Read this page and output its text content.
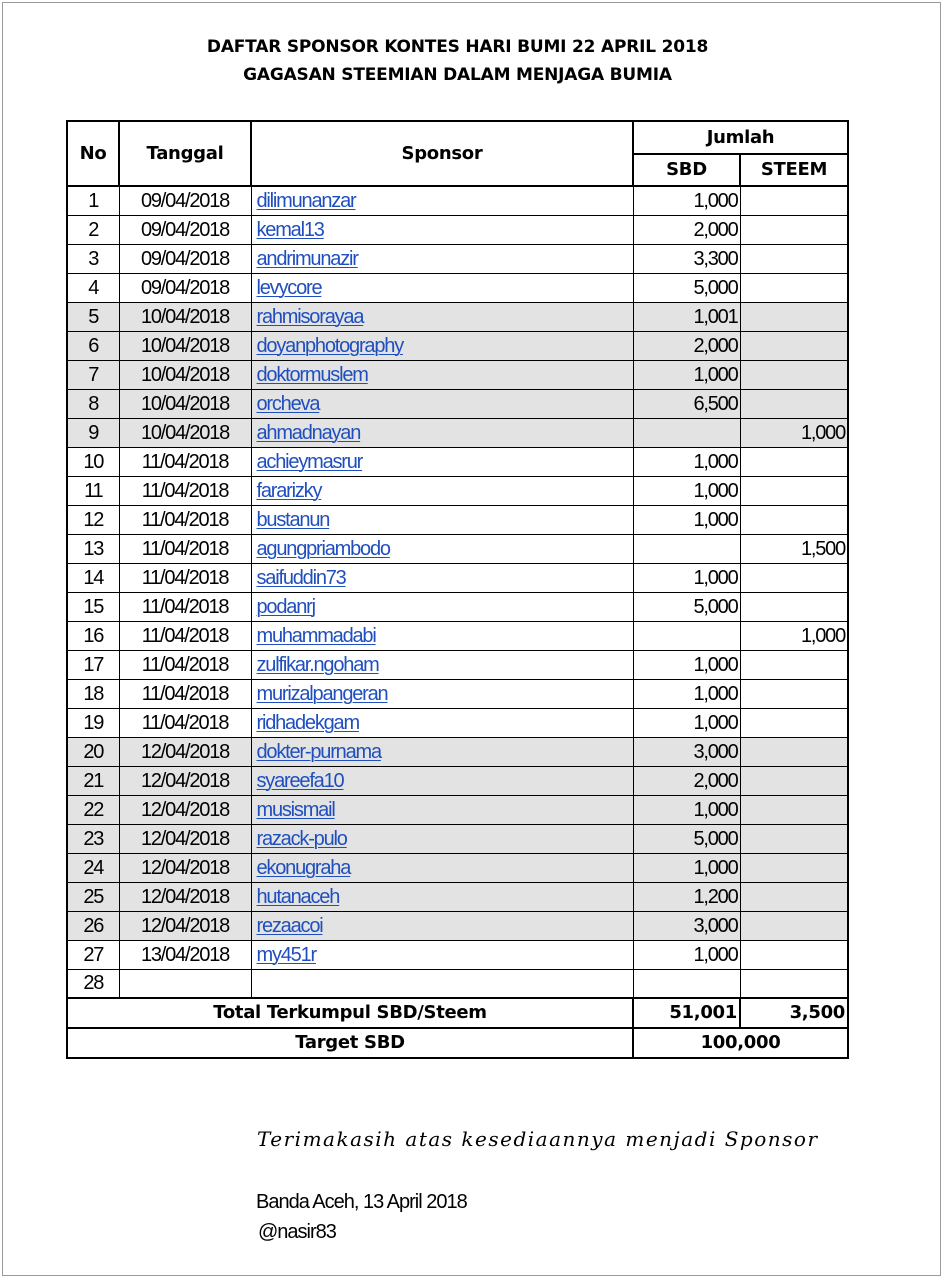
DAFTAR SPONSOR KONTES HARI BUMI 22 APRIL 2018
GAGASAN STEEMIAN DALAM MENJAGA BUMIA
No	Tanggal	Sponsor	Jumlah	
			SBD	STEEM
1	09/04/2018	dilimunanzar	1,000	
2	09/04/2018	kemal13	2,000	
3	09/04/2018	andrimunazir	3,300	
4	09/04/2018	levycore	5,000	
5	10/04/2018	rahmisorayaa	1,001	
6	10/04/2018	doyanphotography	2,000	
7	10/04/2018	doktormuslem	1,000	
8	10/04/2018	orcheva	6,500	
9	10/04/2018	ahmadnayan		1,000
10	11/04/2018	achieymasrur	1,000	
11	11/04/2018	fararizky	1,000	
12	11/04/2018	bustanun	1,000	
13	11/04/2018	agungpriambodo		1,500
14	11/04/2018	saifuddin73	1,000	
15	11/04/2018	podanrj	5,000	
16	11/04/2018	muhammadabi		1,000
17	11/04/2018	zulfikar.ngoham	1,000	
18	11/04/2018	murizalpangeran	1,000	
19	11/04/2018	ridhadekgam	1,000	
20	12/04/2018	dokter-purnama	3,000	
21	12/04/2018	syareefa10	2,000	
22	12/04/2018	musismail	1,000	
23	12/04/2018	razack-pulo	5,000	
24	12/04/2018	ekonugraha	1,000	
25	12/04/2018	hutanaceh	1,200	
26	12/04/2018	rezaacoi	3,000	
27	13/04/2018	my451r	1,000	
28				
Total Terkumpul SBD/Steem			51,001	3,500
Target SBD			100,000	
Terimakasih atas kesediaannya menjadi Sponsor
Banda Aceh, 13 April 2018
@nasir83
